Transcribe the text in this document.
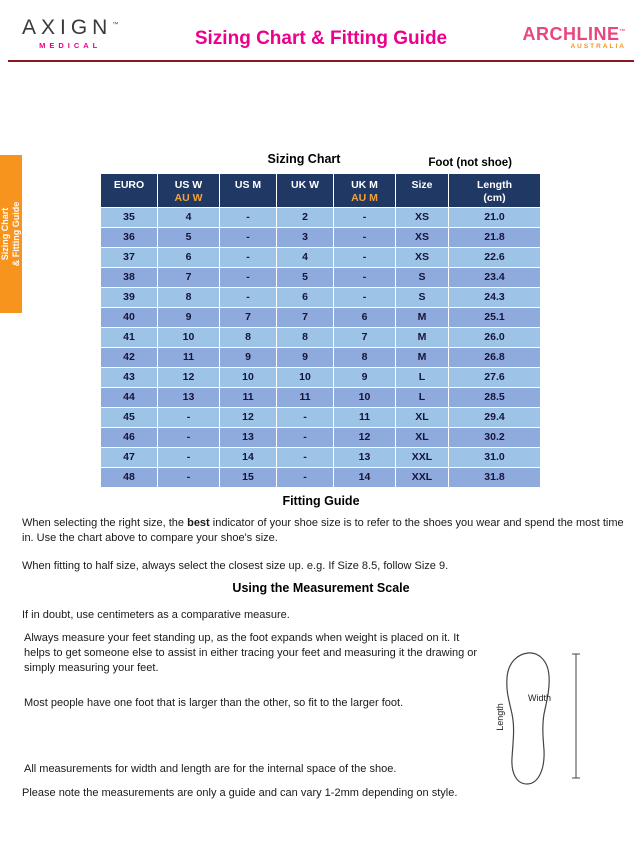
AXIGN™
MEDICAL	Sizing Chart & Fitting Guide	ARCHLINE™
AUSTRALIA
Sizing Chart & Fitting Guide
Sizing Chart	Foot (not shoe)
EURO	US W
AU W

US M	UK W	UK M
AU M

Size	Length
(cm)

35	4	-	2	-	XS	21.0
36	5	-	3	-	XS	21.8
37	6	-	4	-	XS	22.6
38	7	-	5	-	S	23.4
39	8	-	6	-	S	24.3
40	9	7	7	6	M	25.1
41	10	8	8	7	M	26.0
42	11	9	9	8	M	26.8
43	12	10	10	9	L	27.6
44	13	11	11	10	L	28.5
45	-	12	-	11	XL	29.4
46	-	13	-	12	XL	30.2
47	-	14	-	13	XXL	31.0
48	-	15	-	14	XXL	31.8
Fitting Guide

When selecting the right size, the best indicator of your shoe size is to refer to the shoes you wear and spend the most time in. Use the chart above to compare your shoe's size.

When fitting to half size, always select the closest size up. e.g. If Size 8.5, follow Size 9.

Using the Measurement Scale

If in doubt, use centimeters as a comparative measure.

Always measure your feet standing up, as the foot expands when weight is placed on it. It helps to get someone else to assist in either tracing your feet and measuring it the drawing or simply measuring your feet.

Most people have one foot that is larger than the other, so fit to the larger foot.

All measurements for width and length are for the internal space of the shoe.

Please note the measurements are only a guide and can vary 1-2mm depending on style.

Width
Length
